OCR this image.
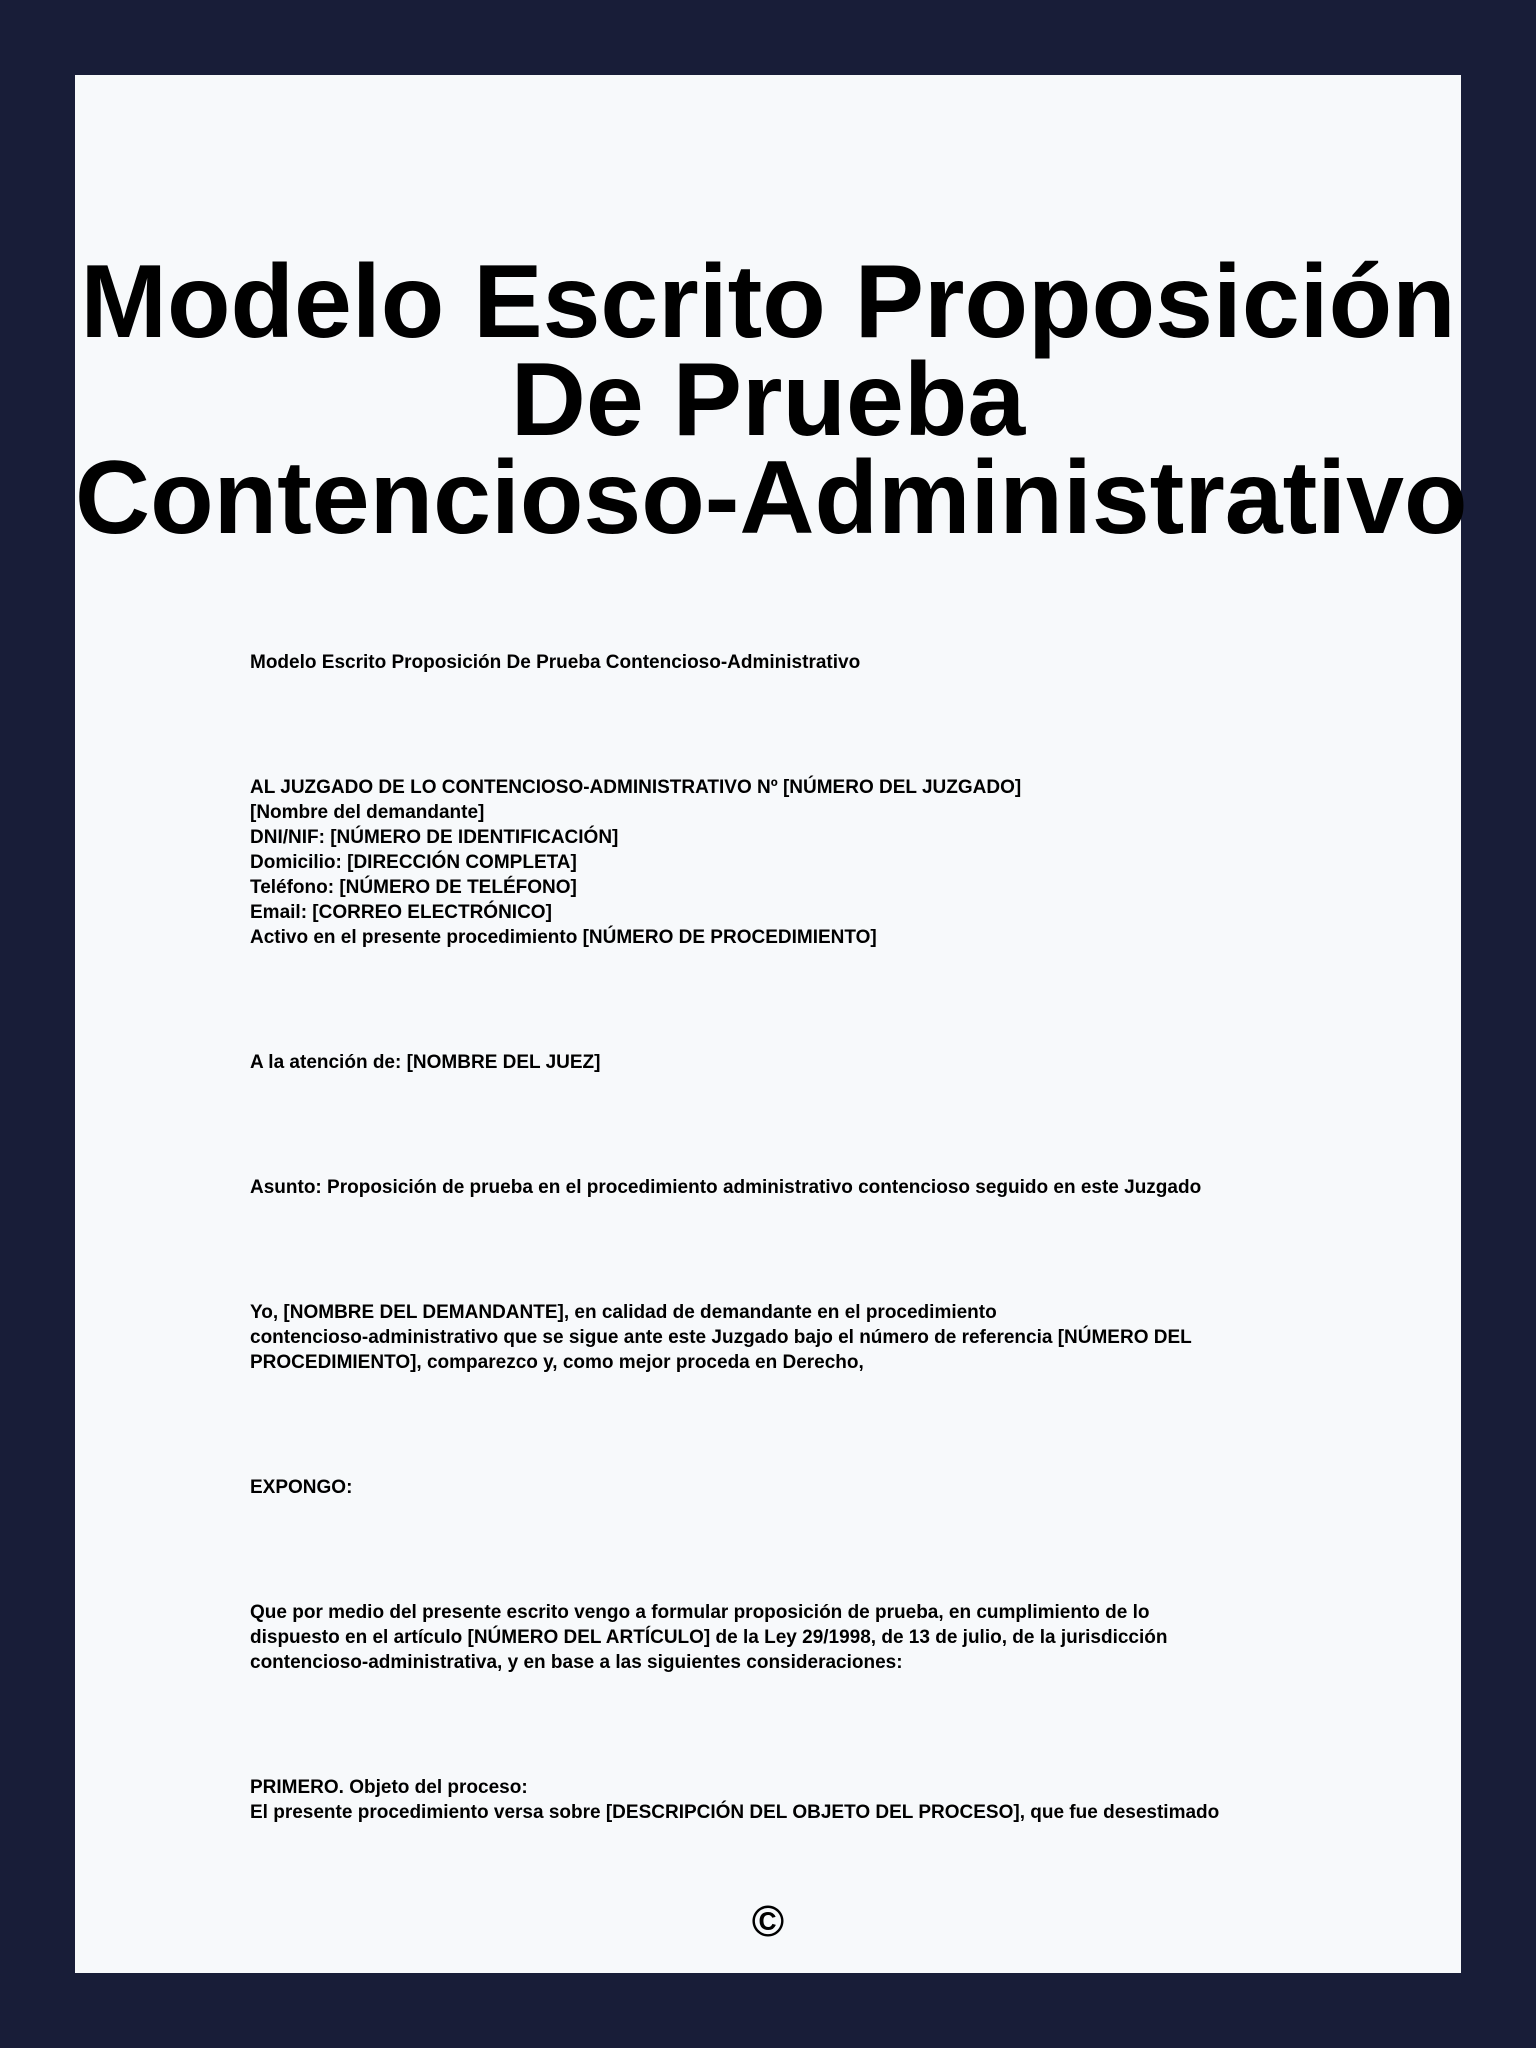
Modelo Escrito Proposición
De Prueba
Contencioso-Administrativo

Modelo Escrito Proposición De Prueba Contencioso-Administrativo

AL JUZGADO DE LO CONTENCIOSO-ADMINISTRATIVO Nº [NÚMERO DEL JUZGADO]
[Nombre del demandante]
DNI/NIF: [NÚMERO DE IDENTIFICACIÓN]
Domicilio: [DIRECCIÓN COMPLETA]
Teléfono: [NÚMERO DE TELÉFONO]
Email: [CORREO ELECTRÓNICO]
Activo en el presente procedimiento [NÚMERO DE PROCEDIMIENTO]

A la atención de: [NOMBRE DEL JUEZ]

Asunto: Proposición de prueba en el procedimiento administrativo contencioso seguido en este Juzgado

Yo, [NOMBRE DEL DEMANDANTE], en calidad de demandante en el procedimiento
contencioso-administrativo que se sigue ante este Juzgado bajo el número de referencia [NÚMERO DEL
PROCEDIMIENTO], comparezco y, como mejor proceda en Derecho,

EXPONGO:

Que por medio del presente escrito vengo a formular proposición de prueba, en cumplimiento de lo
dispuesto en el artículo [NÚMERO DEL ARTÍCULO] de la Ley 29/1998, de 13 de julio, de la jurisdicción
contencioso-administrativa, y en base a las siguientes consideraciones:

PRIMERO. Objeto del proceso:
El presente procedimiento versa sobre [DESCRIPCIÓN DEL OBJETO DEL PROCESO], que fue desestimado

©
